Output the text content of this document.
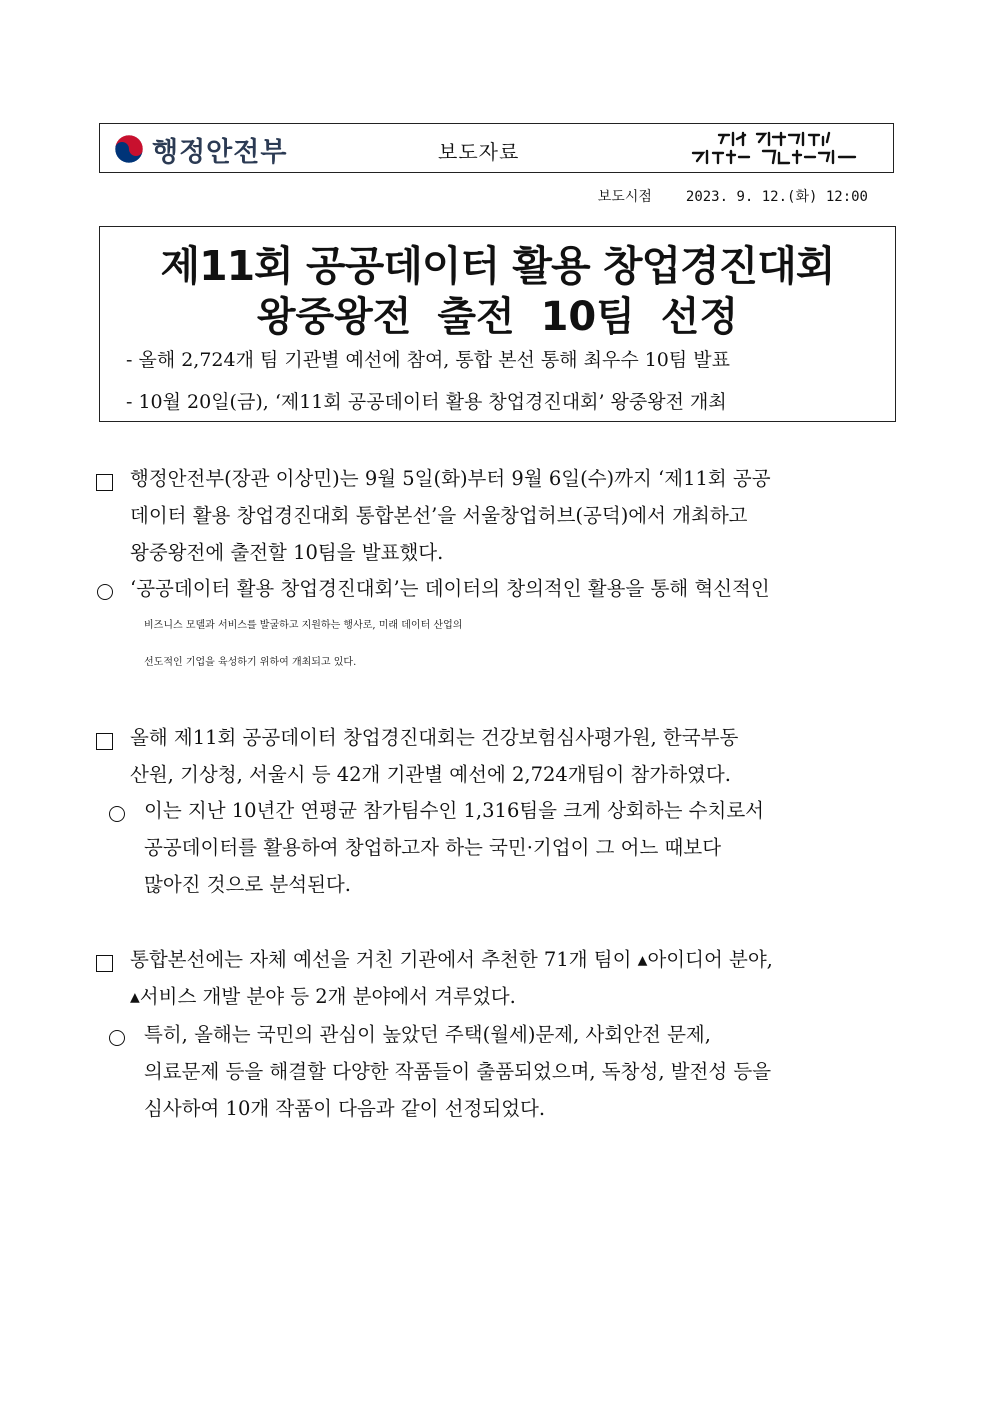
행정안전부	보도자료
보도시점 2023. 9. 12.(화) 12:00
제11회 공공데이터 활용 창업경진대회
왕중왕전 출전 10팀 선정
- 올해 2,724개 팀 기관별 예선에 참여, 통합 본선 통해 최우수 10팀 발표
- 10월 20일(금), ‘제11회 공공데이터 활용 창업경진대회’ 왕중왕전 개최
행정안전부(장관 이상민)는 9월 5일(화)부터 9월 6일(수)까지 ‘제11회 공공
데이터 활용 창업경진대회 통합본선’을 서울창업허브(공덕)에서 개최하고
왕중왕전에 출전할 10팀을 발표했다.
‘공공데이터 활용 창업경진대회’는 데이터의 창의적인 활용을 통해 혁신적인
비즈니스 모델과 서비스를 발굴하고 지원하는 행사로, 미래 데이터 산업의
선도적인 기업을 육성하기 위하여 개최되고 있다.
올해 제11회 공공데이터 창업경진대회는 건강보험심사평가원, 한국부동
산원, 기상청, 서울시 등 42개 기관별 예선에 2,724개팀이 참가하였다.
이는 지난 10년간 연평균 참가팀수인 1,316팀을 크게 상회하는 수치로서
공공데이터를 활용하여 창업하고자 하는 국민·기업이 그 어느 때보다
많아진 것으로 분석된다.
통합본선에는 자체 예선을 거친 기관에서 추천한 71개 팀이 ▴아이디어 분야,
▴서비스 개발 분야 등 2개 분야에서 겨루었다.
특히, 올해는 국민의 관심이 높았던 주택(월세)문제, 사회안전 문제,
의료문제 등을 해결할 다양한 작품들이 출품되었으며, 독창성, 발전성 등을
심사하여 10개 작품이 다음과 같이 선정되었다.
